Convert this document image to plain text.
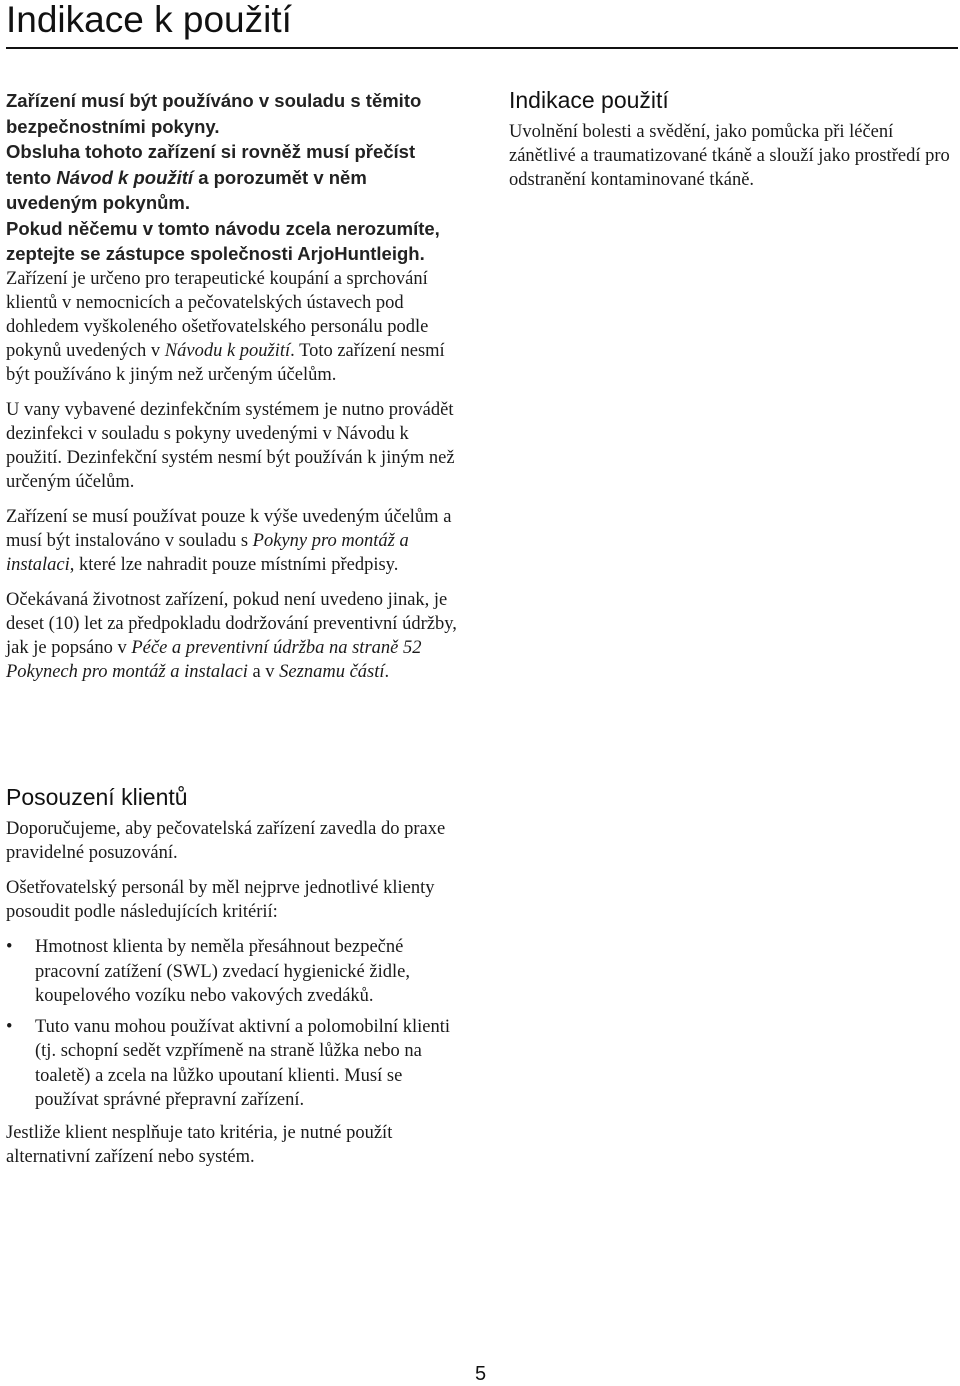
Indikace k použití

Zařízení musí být používáno v souladu s těmito bezpečnostními pokyny.

Obsluha tohoto zařízení si rovněž musí přečíst tento Návod k použití a porozumět v něm uvedeným pokynům.

Pokud něčemu v tomto návodu zcela nerozumíte, zeptejte se zástupce společnosti ArjoHuntleigh.

Zařízení je určeno pro terapeutické koupání a sprchování klientů v nemocnicích a pečovatelských ústavech pod dohledem vyškoleného ošetřovatelského personálu podle pokynů uvedených v Návodu k použití. Toto zařízení nesmí být používáno k jiným než určeným účelům.

U vany vybavené dezinfekčním systémem je nutno provádět dezinfekci v souladu s pokyny uvedenými v Návodu k použití. Dezinfekční systém nesmí být používán k jiným než určeným účelům.

Zařízení se musí používat pouze k výše uvedeným účelům a musí být instalováno v souladu s Pokyny pro montáž a instalaci, které lze nahradit pouze místními předpisy.

Očekávaná životnost zařízení, pokud není uvedeno jinak, je deset (10) let za předpokladu dodržování preventivní údržby, jak je popsáno v Péče a preventivní údržba na straně 52 Pokynech pro montáž a instalaci a v Seznamu částí.

Indikace použití

Uvolnění bolesti a svědění, jako pomůcka při léčení zánětlivé a traumatizované tkáně a slouží jako prostředí pro odstranění kontaminované tkáně.

Posouzení klientů

Doporučujeme, aby pečovatelská zařízení zavedla do praxe pravidelné posuzování.

Ošetřovatelský personál by měl nejprve jednotlivé klienty posoudit podle následujících kritérií:

• Hmotnost klienta by neměla přesáhnout bezpečné pracovní zatížení (SWL) zvedací hygienické židle, koupelového vozíku nebo vakových zvedáků.
• Tuto vanu mohou používat aktivní a polomobilní klienti (tj. schopní sedět vzpřímeně na straně lůžka nebo na toaletě) a zcela na lůžko upoutaní klienti. Musí se používat správné přepravní zařízení.

Jestliže klient nesplňuje tato kritéria, je nutné použít alternativní zařízení nebo systém.

5
